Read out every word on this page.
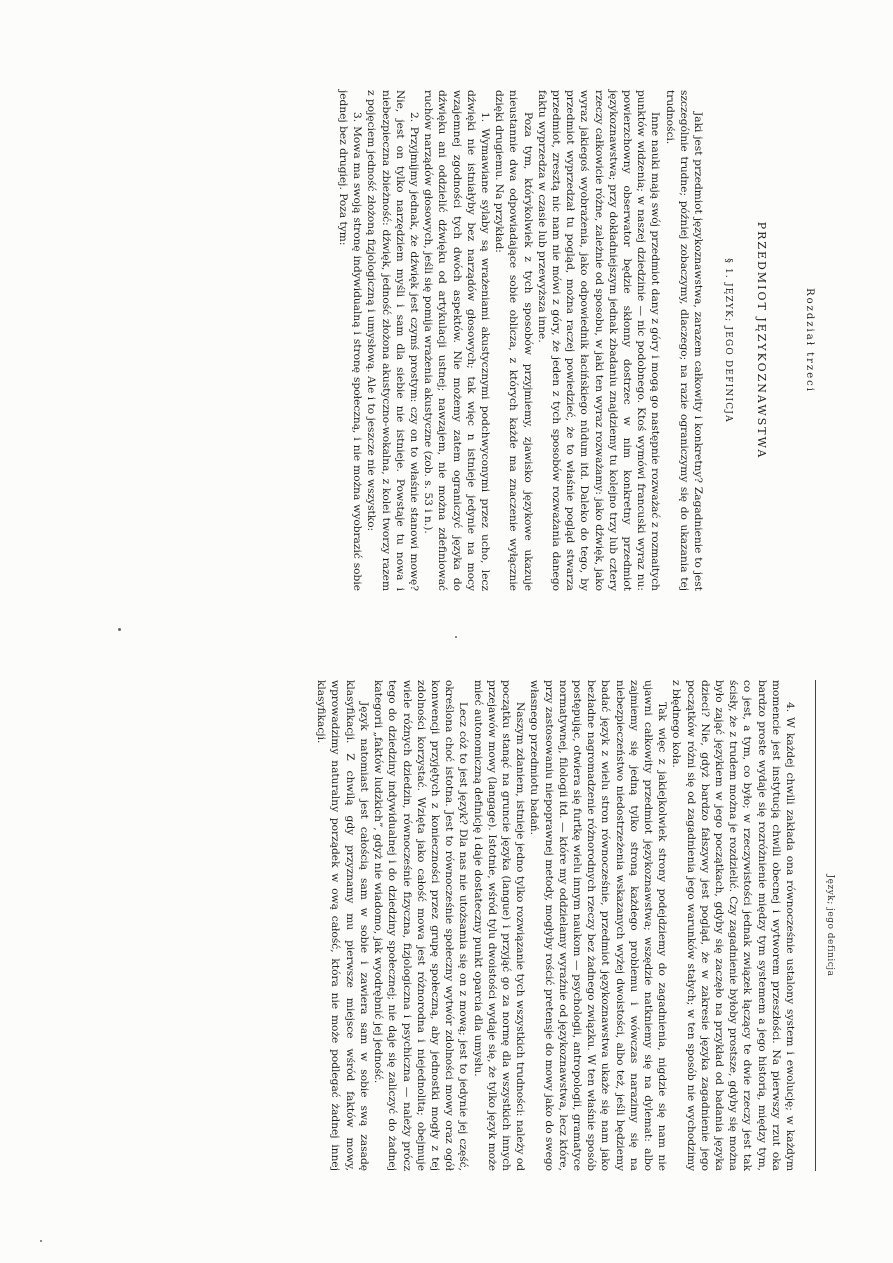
Rozdział trzeci
PRZEDMIOT JĘZYKOZNAWSTWA
§ 1. JĘZYK; JEGO DEFINICJA

Jaki jest przedmiot językoznawstwa, zarazem całkowity i konkretny? Zagadnienie to jest szczególnie trudne; później zobaczymy, dlaczego; na razie ograniczymy się do ukazania tej trudności.

Inne nauki mają swój przedmiot dany z góry i mogą go następnie rozważać z rozmaitych punktów widzenia; w naszej dziedzinie — nic podobnego. Ktoś wymówi francuski wyraz nu: powierzchowny obserwator będzie skłonny dostrzec w nim konkretny przedmiot językoznawstwa; przy dokładniejszym jednak zbadaniu znajdziemy tu kolejno trzy lub cztery rzeczy całkowicie różne, zależnie od sposobu, w jaki ten wyraz rozważamy: jako dźwięk, jako wyraz jakiegoś wyobrażenia, jako odpowiednik łacińskiego nūdum itd. Daleko do tego, by przedmiot wyprzedzał tu pogląd, można raczej powiedzieć, że to właśnie pogląd stwarza przedmiot, zresztą nic nam nie mówi z góry, że jeden z tych sposobów rozważania danego faktu wyprzedza w czasie lub przewyższa inne.

Poza tym, którykolwiek z tych sposobów przyjmiemy, zjawisko językowe ukazuje nieustannie dwa odpowiadające sobie oblicza, z których każde ma znaczenie wyłącznie dzięki drugiemu. Na przykład:

1. Wymawiane sylaby są wrażeniami akustycznymi podchwyconymi przez ucho, lecz dźwięki nie istniałyby bez narządów głosowych; tak więc n istnieje jedynie na mocy wzajemnej zgodności tych dwóch aspektów. Nie możemy zatem ograniczyć języka do dźwięku ani oddzielić dźwięku od artykulacji ustnej; nawzajem, nie można zdefiniować ruchów narządów głosowych, jeśli się pomija wrażenia akustyczne (zob. s. 53 i n.).

2. Przyjmijmy jednak, że dźwięk jest czymś prostym: czy on to właśnie stanowi mowę? Nie, jest on tylko narzędziem myśli i sam dla siebie nie istnieje. Powstaje tu nowa i niebezpieczna zbieżność: dźwięk, jedność złożona akustyczno-wokalna, z kolei tworzy razem z pojęciem jedność złożoną fizjologiczną i umysłową. Ale i to jeszcze nie wszystko:

3. Mowa ma swoją stronę indywidualną i stronę społeczną, i nie można wyobrazić sobie jednej bez drugiej. Poza tym:

Język; jego definicja

4. W każdej chwili zakłada ona równocześnie ustalony system i ewolucję; w każdym momencie jest instytucją chwili obecnej i wytworem przeszłości. Na pierwszy rzut oka bardzo proste wydaje się rozróżnienie między tym systemem a jego historią, między tym, co jest, a tym, co było; w rzeczywistości jednak związek łączący te dwie rzeczy jest tak ścisły, że z trudem można je rozdzielić. Czy zagadnienie byłoby prostsze, gdyby się można było zająć językiem w jego początkach, gdyby się zaczęło na przykład od badania języka dzieci? Nie, gdyż bardzo fałszywy jest pogląd, że w zakresie języka zagadnienie jego początków różni się od zagadnienia jego warunków stałych; w ten sposób nie wychodzimy z błędnego koła.

Tak więc z jakiejkolwiek strony podejdziemy do zagadnienia, nigdzie się nam nie ujawni całkowity przedmiot językoznawstwa; wszędzie natkniemy się na dylemat: albo zajmiemy się jedną tylko stroną każdego problemu i wówczas narazimy się na niebezpieczeństwo niedostrzeżenia wskazanych wyżej dwoistości, albo też, jeśli będziemy badać język z wielu stron równocześnie, przedmiot językoznawstwa ukaże się nam jako bezładne nagromadzenie różnorodnych rzeczy bez żadnego związku. W ten właśnie sposób postępując, otwiera się furtkę wielu innym naukom — psychologii, antropologii, gramatyce normatywnej, filologii itd. — które my oddzielamy wyraźnie od językoznawstwa, lecz które, przy zastosowaniu niepoprawnej metody, mogłyby rościć pretensje do mowy jako do swego własnego przedmiotu badań.

Naszym zdaniem, istnieje jedno tylko rozwiązanie tych wszystkich trudności: należy od początku stanąć na gruncie języka (langue) i przyjąć go za normę dla wszystkich innych przejawów mowy (langage). Istotnie, wśród tylu dwoistości wydaje się, że tylko język może mieć autonomiczną definicję i daje dostateczny punkt oparcia dla umysłu.

Lecz cóż to jest język? Dla nas nie utożsamia się on z mową; jest to jedynie jej część, określona choć istotna. Jest to równocześnie społeczny wytwór zdolności mowy oraz ogół konwencji przyjętych z konieczności przez grupę społeczną, aby jednostki mogły z tej zdolności korzystać. Wzięta jako całość mowa jest różnorodna i niejednolita; obejmuje wiele różnych dziedzin, równocześnie fizyczna, fizjologiczna i psychiczna — należy prócz tego do dziedziny indywidualnej i do dziedziny społecznej; nie daje się zaliczyć do żadnej kategorii „faktów ludzkich”, gdyż nie wiadomo, jak wyodrębnić jej jedność.

Język natomiast jest całością sam w sobie i zawiera sam w sobie swą zasadę klasyfikacji. Z chwilą gdy przyznamy mu pierwsze miejsce wśród faktów mowy, wprowadzimy naturalny porządek w ową całość, która nie może podlegać żadnej innej klasyfikacji.
